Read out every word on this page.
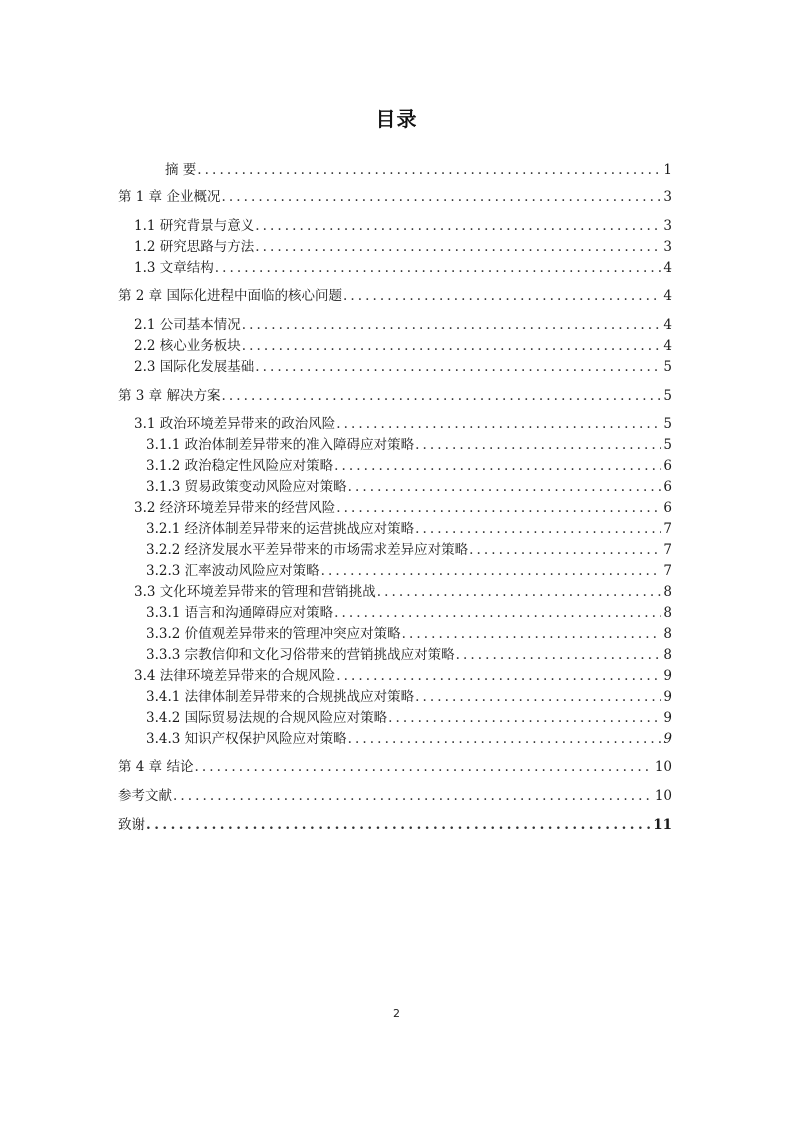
目录
摘 要 . . .	1
第 1 章 企业概况 . . .	3
1.1 研究背景与意义 . . .	3
1.2 研究思路与方法 . . .	3
1.3 文章结构 . . .	4
第 2 章 国际化进程中面临的核心问题 . . .	4
2.1 公司基本情况 . . .	4
2.2 核心业务板块 . . .	4
2.3 国际化发展基础 . . .	5
第 3 章 解决方案 . . .	5
3.1 政治环境差异带来的政治风险 . . .	5
3.1.1 政治体制差异带来的准入障碍应对策略 . . .	5
3.1.2 政治稳定性风险应对策略 . . .	6
3.1.3 贸易政策变动风险应对策略 . . .	6
3.2 经济环境差异带来的经营风险 . . .	6
3.2.1 经济体制差异带来的运营挑战应对策略 . . .	7
3.2.2 经济发展水平差异带来的市场需求差异应对策略 . . .	7
3.2.3 汇率波动风险应对策略 . . .	7
3.3 文化环境差异带来的管理和营销挑战 . . .	8
3.3.1 语言和沟通障碍应对策略 . . .	8
3.3.2 价值观差异带来的管理冲突应对策略 . . .	8
3.3.3 宗教信仰和文化习俗带来的营销挑战应对策略 . . .	8
3.4 法律环境差异带来的合规风险 . . .	9
3.4.1 法律体制差异带来的合规挑战应对策略 . . .	9
3.4.2 国际贸易法规的合规风险应对策略 . . .	9
3.4.3 知识产权保护风险应对策略 . . .	9
第 4 章 结论 . . .	10
参考文献 . . .	10
致谢 . . .	11
2
